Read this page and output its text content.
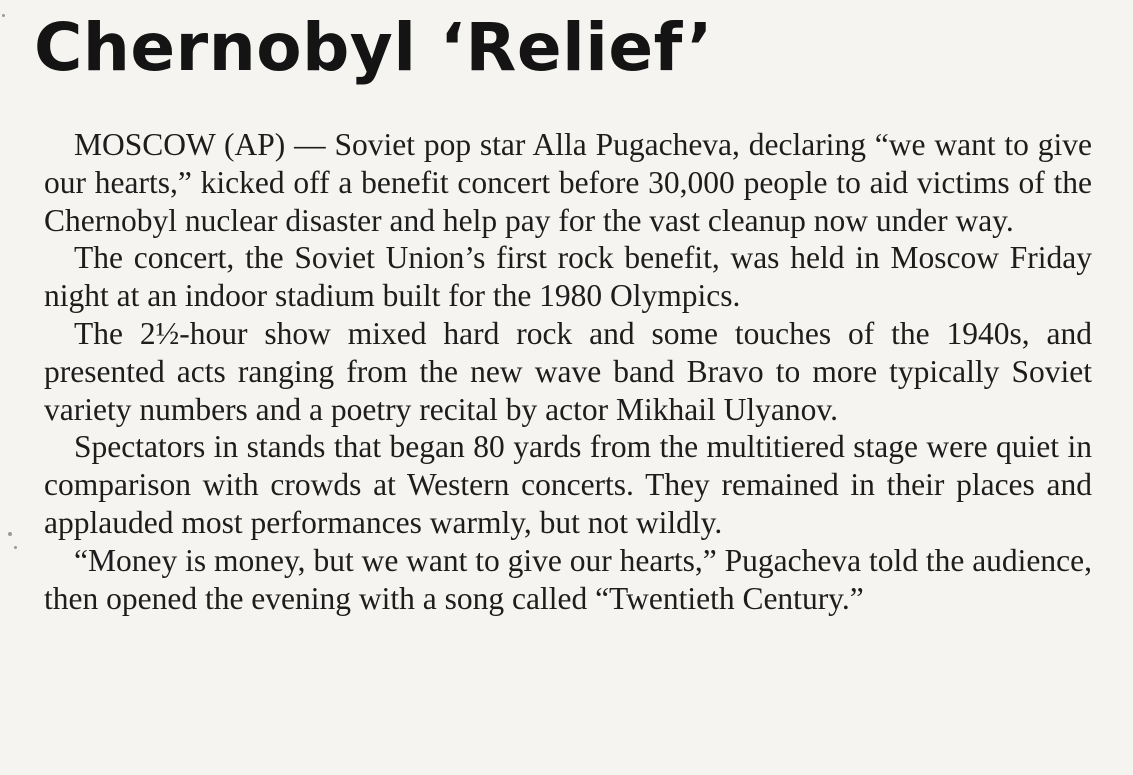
Chernobyl ‘Relief’

MOSCOW (AP) — Soviet pop star Alla Pugacheva, declaring “we want to give our hearts,” kicked off a benefit concert before 30,000 people to aid victims of the Chernobyl nuclear disaster and help pay for the vast cleanup now under way.

The concert, the Soviet Union’s first rock benefit, was held in Moscow Friday night at an indoor stadium built for the 1980 Olympics.

The 2½-hour show mixed hard rock and some touches of the 1940s, and presented acts ranging from the new wave band Bravo to more typically Soviet variety numbers and a poetry recital by actor Mikhail Ulyanov.

Spectators in stands that began 80 yards from the multitiered stage were quiet in comparison with crowds at Western concerts. They remained in their places and applauded most performances warmly, but not wildly.

“Money is money, but we want to give our hearts,” Pugacheva told the audience, then opened the evening with a song called “Twentieth Century.”
